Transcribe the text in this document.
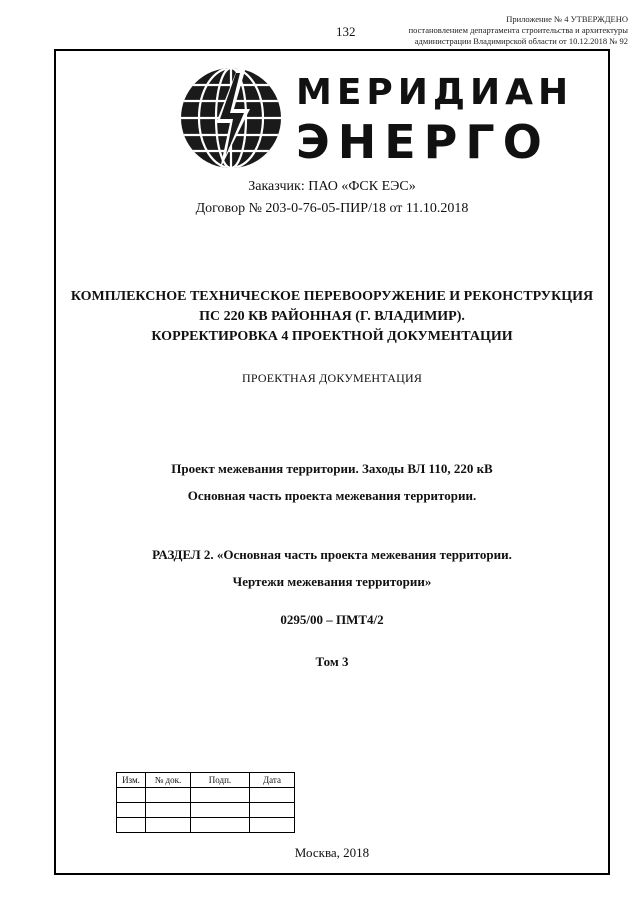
132
Приложение № 4 УТВЕРЖДЕНО
постановлением департамента строительства и архитектуры
администрации Владимирской области от 10.12.2018 № 92
МЕРИДИАН
ЭНЕРГО
Заказчик: ПАО «ФСК ЕЭС»
Договор № 203-0-76-05-ПИР/18 от 11.10.2018
КОМПЛЕКСНОЕ ТЕХНИЧЕСКОЕ ПЕРЕВООРУЖЕНИЕ И РЕКОНСТРУКЦИЯ
ПС 220 КВ РАЙОННАЯ (Г. ВЛАДИМИР).
КОРРЕКТИРОВКА 4 ПРОЕКТНОЙ ДОКУМЕНТАЦИИ
ПРОЕКТНАЯ ДОКУМЕНТАЦИЯ
Проект межевания территории. Заходы ВЛ 110, 220 кВ
Основная часть проекта межевания территории.
РАЗДЕЛ 2. «Основная часть проекта межевания территории.
Чертежи межевания территории»
0295/00 – ПМТ4/2
Том 3
Изм.	№ док.	Подп.	Дата

Москва, 2018
